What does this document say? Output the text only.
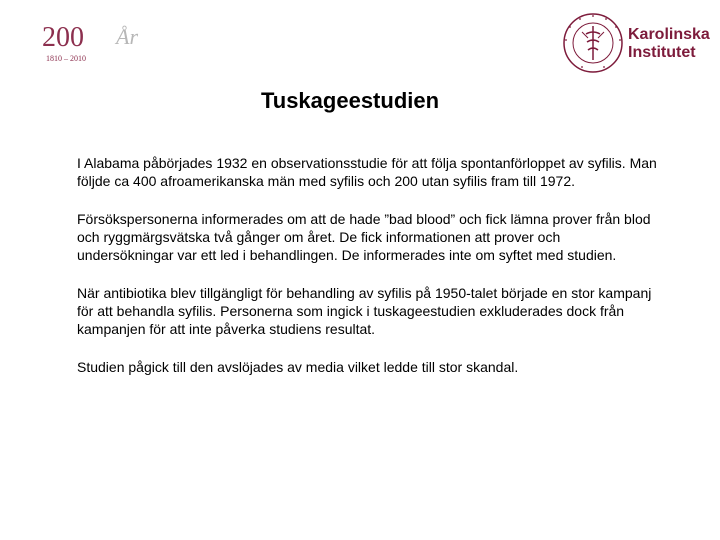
200 År
1810 – 2010
Karolinska
Institutet
Tuskageestudien

I Alabama påbörjades 1932 en observationsstudie för att följa spontanförloppet av syfilis. Man följde ca 400 afroamerikanska män med syfilis och 200 utan syfilis fram till 1972.

Försökspersonerna informerades om att de hade ”bad blood” och fick lämna prover från blod och ryggmärgsvätska två gånger om året. De fick informationen att prover och undersökningar var ett led i behandlingen. De informerades inte om syftet med studien.

När antibiotika blev tillgängligt för behandling av syfilis på 1950-talet började en stor kampanj för att behandla syfilis. Personerna som ingick i tuskageestudien exkluderades dock från kampanjen för att inte påverka studiens resultat.

Studien pågick till den avslöjades av media vilket ledde till stor skandal.
